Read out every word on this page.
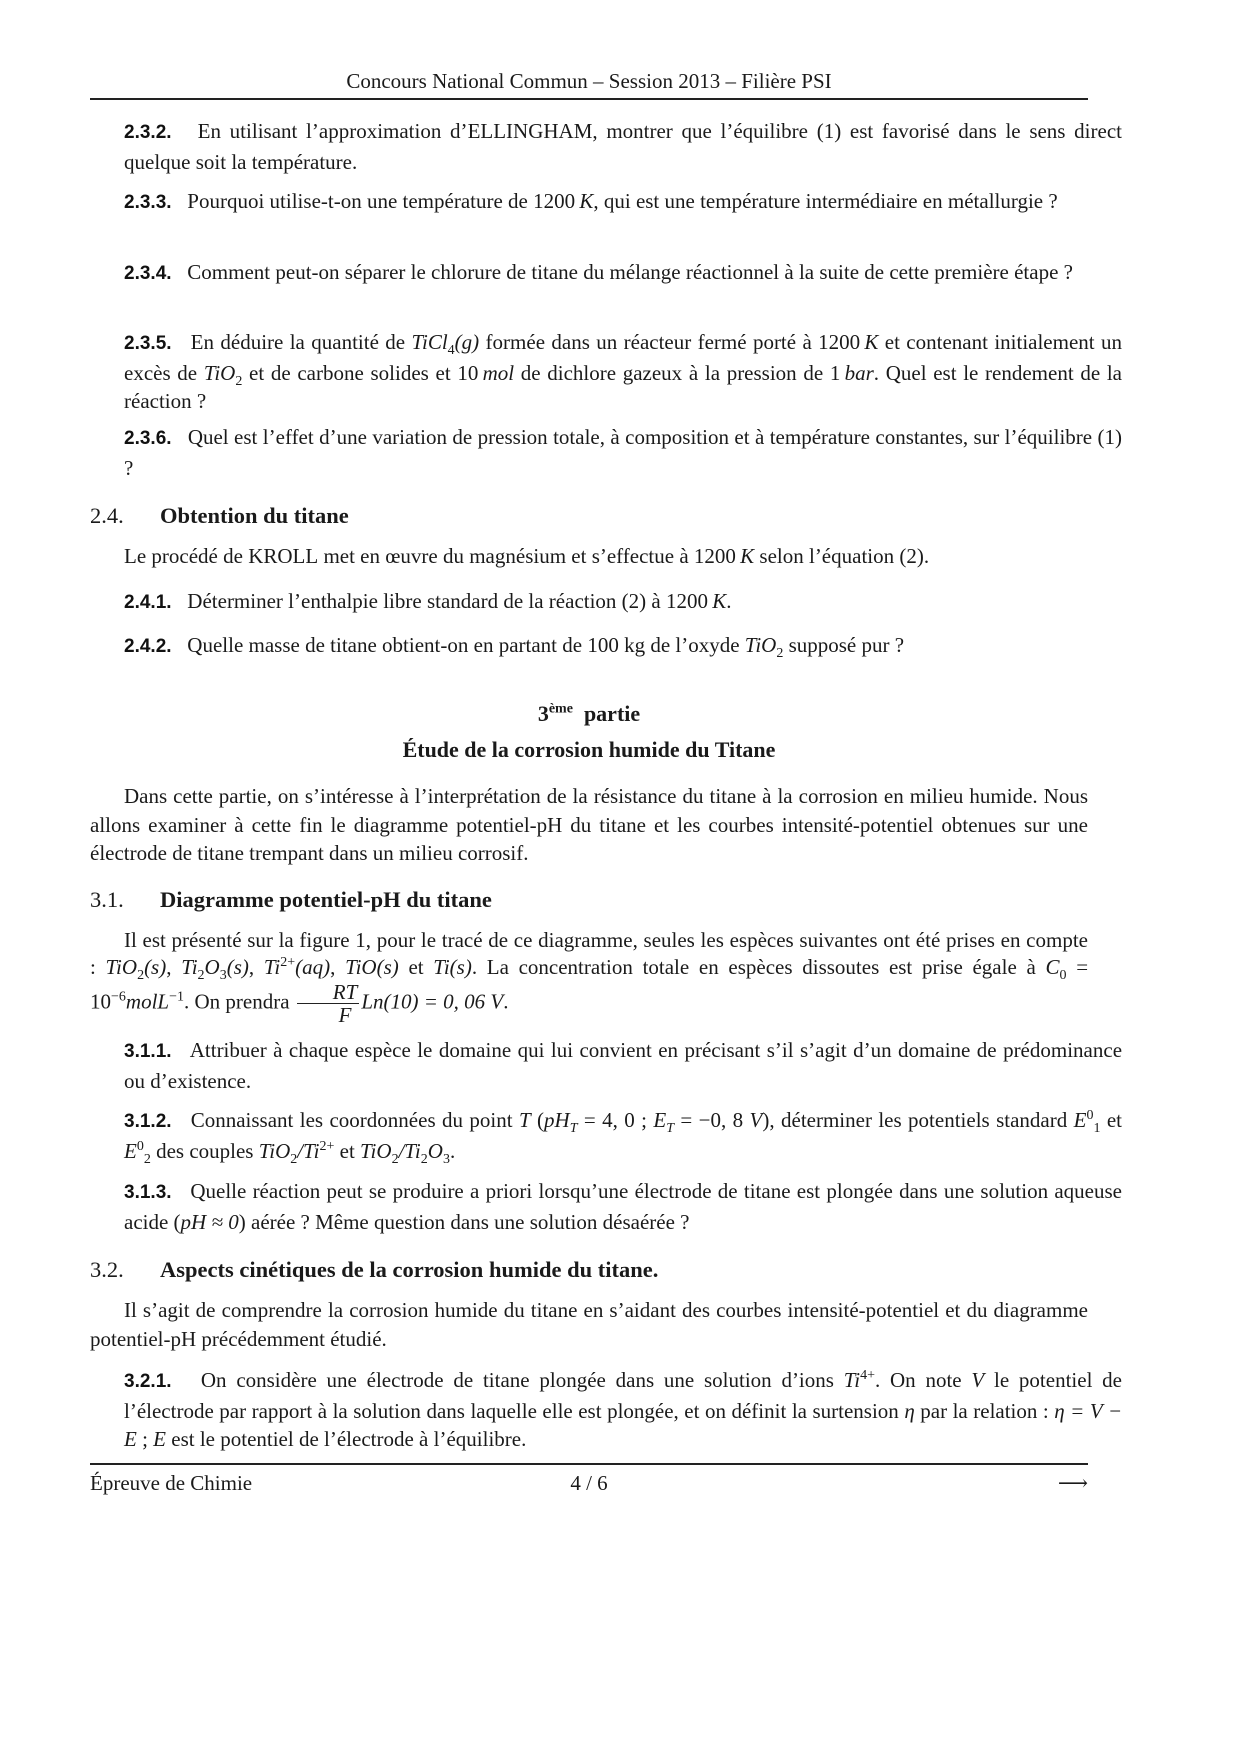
Concours National Commun – Session 2013 – Filière PSI
2.3.2. En utilisant l’approximation d’ELLINGHAM, montrer que l’équilibre (1) est favorisé dans le sens direct quelque soit la température.
2.3.3. Pourquoi utilise-t-on une température de 1200  K, qui est une température intermédiaire en métallurgie ?
2.3.4. Comment peut-on séparer le chlorure de titane du mélange réactionnel à la suite de cette première étape ?
2.3.5. En déduire la quantité de TiCl$_4$(g) formée dans un réacteur fermé porté à 1200  K et contenant initialement un excès de TiO$_2$ et de carbone solides et 10  mol de dichlore gazeux à la pression de 1  bar. Quel est le rendement de la réaction ?
2.3.6. Quel est l’effet d’une variation de pression totale, à composition et à température constantes, sur l’équilibre (1) ?
2.4. Obtention du titane
Le procédé de KROLL met en œuvre du magnésium et s’effectue à 1200  K selon l’équation (2).
2.4.1. Déterminer l’enthalpie libre standard de la réaction (2) à 1200  K.
2.4.2. Quelle masse de titane obtient-on en partant de 100 kg de l’oxyde TiO$_2$ supposé pur ?
3ème partie
Étude de la corrosion humide du Titane
Dans cette partie, on s’intéresse à l’interprétation de la résistance du titane à la corrosion en milieu humide. Nous allons examiner à cette fin le diagramme potentiel-pH du titane et les courbes intensité-potentiel obtenues sur une électrode de titane trempant dans un milieu corrosif.
3.1. Diagramme potentiel-pH du titane
Il est présenté sur la figure 1, pour le tracé de ce diagramme, seules les espèces suivantes ont été prises en compte : TiO$_2$(s), $Ti_2O_3(s)$, $Ti^{2+}(aq)$, TiO(s) et Ti(s). La concentration totale en espèces dissoutes est prise égale à $C_0$ = $10^{-6}molL^{-1}$. On prendra $\frac{RT}{F} Ln(10) = 0$, 06 V.
3.1.1. Attribuer à chaque espèce le domaine qui lui convient en précisant s’il s’agit d’un domaine de prédominance ou d’existence.
3.1.2. Connaissant les coordonnées du point T ($pH_T = 4$, 0 ; $E_T = -0$, 8 V), déterminer les potentiels standard $E^0_1$ et $E^0_2$ des couples $TiO_2/Ti^{2+}$ et $TiO_2/Ti_2O_3$.
3.1.3. Quelle réaction peut se produire a priori lorsqu’une électrode de titane est plongée dans une solution aqueuse acide (pH ≈ 0) aérée ? Même question dans une solution désaérée ?
3.2. Aspects cinétiques de la corrosion humide du titane.
Il s’agit de comprendre la corrosion humide du titane en s’aidant des courbes intensité-potentiel et du diagramme potentiel-pH précédemment étudié.
3.2.1. On considère une électrode de titane plongée dans une solution d’ions $Ti^{4+}$. On note V le potentiel de l’électrode par rapport à la solution dans laquelle elle est plongée, et on définit la surtension η par la relation : η = V − E ; E est le potentiel de l’électrode à l’équilibre.
Épreuve de Chimie	4 / 6	⟶
